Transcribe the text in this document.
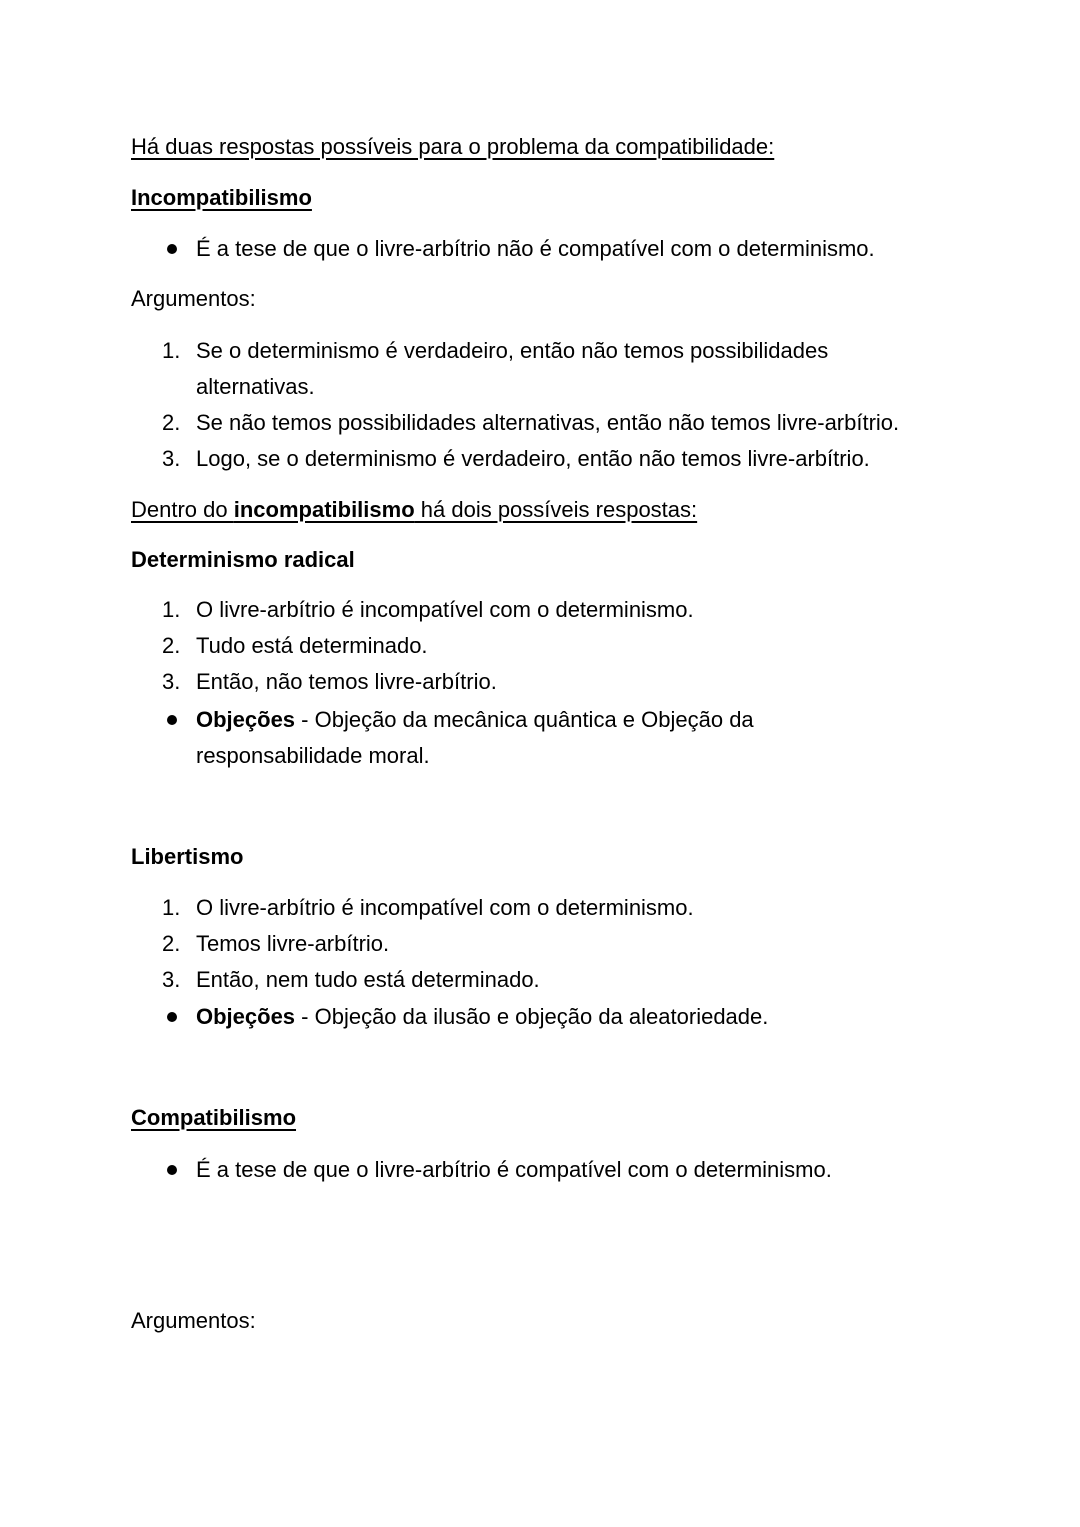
Há duas respostas possíveis para o problema da compatibilidade:
Incompatibilismo
É a tese de que o livre-arbítrio não é compatível com o determinismo.
Argumentos:
1. Se o determinismo é verdadeiro, então não temos possibilidades
alternativas.
2. Se não temos possibilidades alternativas, então não temos livre-arbítrio.
3. Logo, se o determinismo é verdadeiro, então não temos livre-arbítrio.
Dentro do incompatibilismo há dois possíveis respostas:
Determinismo radical
1. O livre-arbítrio é incompatível com o determinismo.
2. Tudo está determinado.
3. Então, não temos livre-arbítrio.
Objeções - Objeção da mecânica quântica e Objeção da
responsabilidade moral.
Libertismo
1. O livre-arbítrio é incompatível com o determinismo.
2. Temos livre-arbítrio.
3. Então, nem tudo está determinado.
Objeções - Objeção da ilusão e objeção da aleatoriedade.
Compatibilismo
É a tese de que o livre-arbítrio é compatível com o determinismo.
Argumentos:
